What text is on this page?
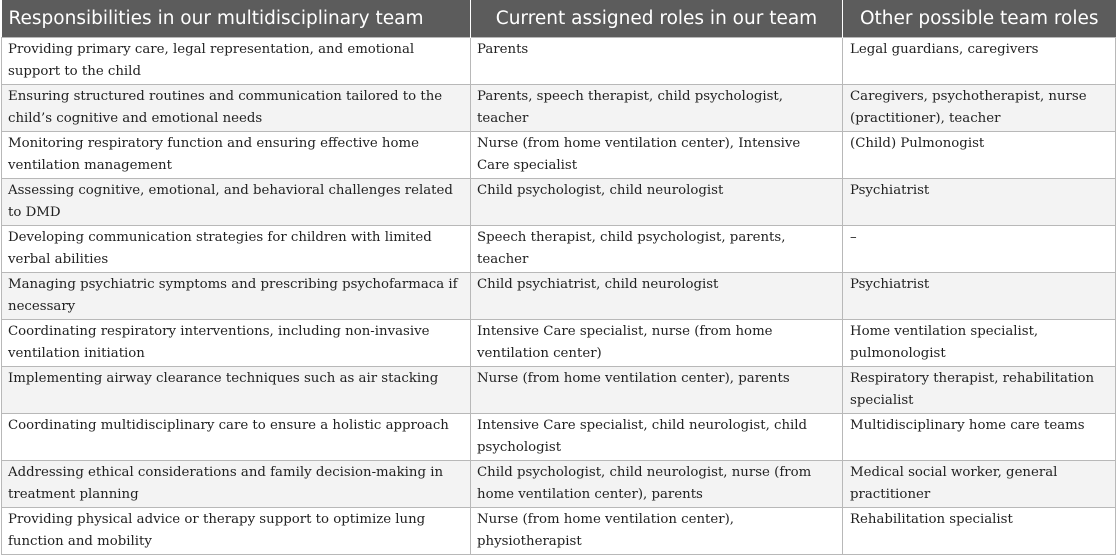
Responsibilities in our multidisciplinary team	Current assigned roles in our team	Other possible team roles
Providing primary care, legal representation, and emotional support to the child	Parents	Legal guardians, caregivers
Ensuring structured routines and communication tailored to the child’s cognitive and emotional needs	Parents, speech therapist, child psychologist, teacher	Caregivers, psychotherapist, nurse (practitioner), teacher
Monitoring respiratory function and ensuring effective home ventilation management	Nurse (from home ventilation center), Intensive Care specialist	(Child) Pulmonogist
Assessing cognitive, emotional, and behavioral challenges related to DMD	Child psychologist, child neurologist	Psychiatrist
Developing communication strategies for children with limited verbal abilities	Speech therapist, child psychologist, parents, teacher	–
Managing psychiatric symptoms and prescribing psychofarmaca if necessary	Child psychiatrist, child neurologist	Psychiatrist
Coordinating respiratory interventions, including non-invasive ventilation initiation	Intensive Care specialist, nurse (from home ventilation center)	Home ventilation specialist, pulmonologist
Implementing airway clearance techniques such as air stacking	Nurse (from home ventilation center), parents	Respiratory therapist, rehabilitation specialist
Coordinating multidisciplinary care to ensure a holistic approach	Intensive Care specialist, child neurologist, child psychologist	Multidisciplinary home care teams
Addressing ethical considerations and family decision-making in treatment planning	Child psychologist, child neurologist, nurse (from home ventilation center), parents	Medical social worker, general practitioner
Providing physical advice or therapy support to optimize lung function and mobility	Nurse (from home ventilation center), physiotherapist	Rehabilitation specialist
